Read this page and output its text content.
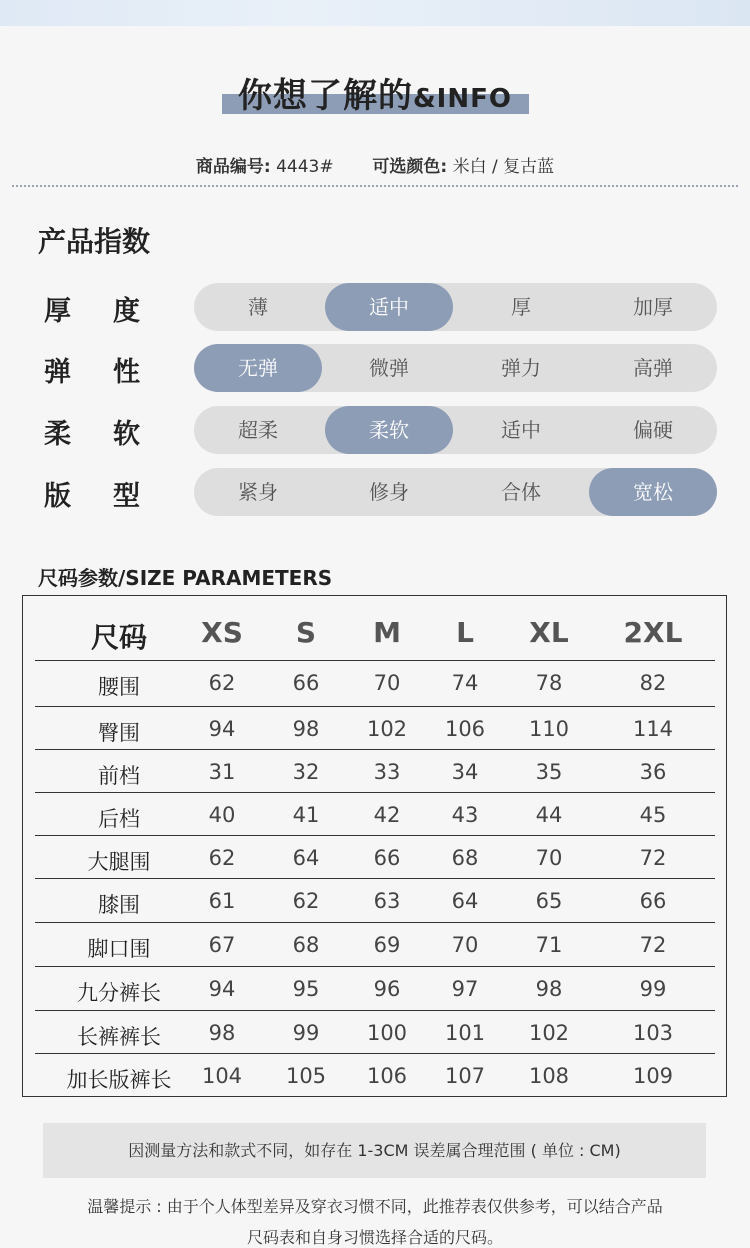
你想了解的&INFO
商品编号: 4443# 可选颜色: 米白 / 复古蓝
产品指数
厚 度	薄	适中	厚	加厚
弹 性	无弹	微弹	弹力	高弹
柔 软	超柔	柔软	适中	偏硬
版 型	紧身	修身	合体	宽松
尺码参数/SIZE PARAMETERS
尺码	XS	S	M	L	XL	2XL
腰围	62	66	70	74	78	82
臀围	94	98	102	106	110	114
前档	31	32	33	34	35	36
后档	40	41	42	43	44	45
大腿围	62	64	66	68	70	72
膝围	61	62	63	64	65	66
脚口围	67	68	69	70	71	72
九分裤长	94	95	96	97	98	99
长裤裤长	98	99	100	101	102	103
加长版裤长	104	105	106	107	108	109
因测量方法和款式不同，如存在 1-3CM 误差属合理范围 ( 单位 : CM)
温馨提示 : 由于个人体型差异及穿衣习惯不同，此推荐表仅供参考，可以结合产品
尺码表和自身习惯选择合适的尺码。
